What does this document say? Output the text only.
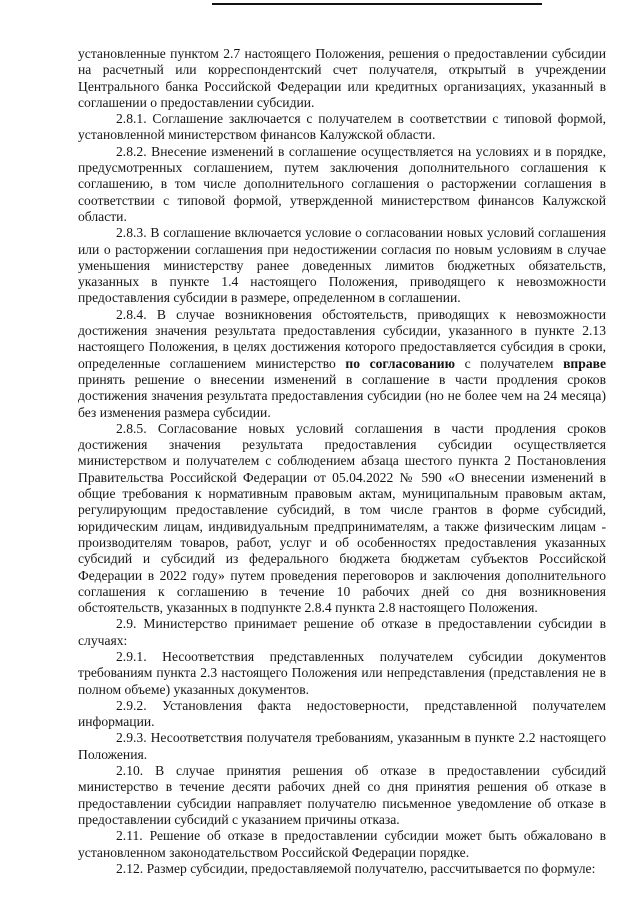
установленные пунктом 2.7 настоящего Положения, решения о предоставлении субсидии на расчетный или корреспондентский счет получателя, открытый в учреждении Центрального банка Российской Федерации или кредитных организациях, указанный в соглашении о предоставлении субсидии.

2.8.1. Соглашение заключается с получателем в соответствии с типовой формой, установленной министерством финансов Калужской области.

2.8.2. Внесение изменений в соглашение осуществляется на условиях и в порядке, предусмотренных соглашением, путем заключения дополнительного соглашения к соглашению, в том числе дополнительного соглашения о расторжении соглашения в соответствии с типовой формой, утвержденной министерством финансов Калужской области.

2.8.3. В соглашение включается условие о согласовании новых условий соглашения или о расторжении соглашения при недостижении согласия по новым условиям в случае уменьшения министерству ранее доведенных лимитов бюджетных обязательств, указанных в пункте 1.4 настоящего Положения, приводящего к невозможности предоставления субсидии в размере, определенном в соглашении.

2.8.4. В случае возникновения обстоятельств, приводящих к невозможности достижения значения результата предоставления субсидии, указанного в пункте 2.13 настоящего Положения, в целях достижения которого предоставляется субсидия в сроки, определенные соглашением министерство по согласованию с получателем вправе принять решение о внесении изменений в соглашение в части продления сроков достижения значения результата предоставления субсидии (но не более чем на 24 месяца) без изменения размера субсидии.

2.8.5. Согласование новых условий соглашения в части продления сроков достижения значения результата предоставления субсидии осуществляется министерством и получателем с соблюдением абзаца шестого пункта 2 Постановления Правительства Российской Федерации от 05.04.2022 № 590 «О внесении изменений в общие требования к нормативным правовым актам, муниципальным правовым актам, регулирующим предоставление субсидий, в том числе грантов в форме субсидий, юридическим лицам, индивидуальным предпринимателям, а также физическим лицам - производителям товаров, работ, услуг и об особенностях предоставления указанных субсидий и субсидий из федерального бюджета бюджетам субъектов Российской Федерации в 2022 году» путем проведения переговоров и заключения дополнительного соглашения к соглашению в течение 10 рабочих дней со дня возникновения обстоятельств, указанных в подпункте 2.8.4 пункта 2.8 настоящего Положения.

2.9. Министерство принимает решение об отказе в предоставлении субсидии в случаях:

2.9.1. Несоответствия представленных получателем субсидии документов требованиям пункта 2.3 настоящего Положения или непредставления (представления не в полном объеме) указанных документов.

2.9.2. Установления факта недостоверности, представленной получателем информации.

2.9.3. Несоответствия получателя требованиям, указанным в пункте 2.2 настоящего Положения.

2.10. В случае принятия решения об отказе в предоставлении субсидий министерство в течение десяти рабочих дней со дня принятия решения об отказе в предоставлении субсидии направляет получателю письменное уведомление об отказе в предоставлении субсидий с указанием причины отказа.

2.11. Решение об отказе в предоставлении субсидии может быть обжаловано в установленном законодательством Российской Федерации порядке.

2.12. Размер субсидии, предоставляемой получателю, рассчитывается по формуле:
